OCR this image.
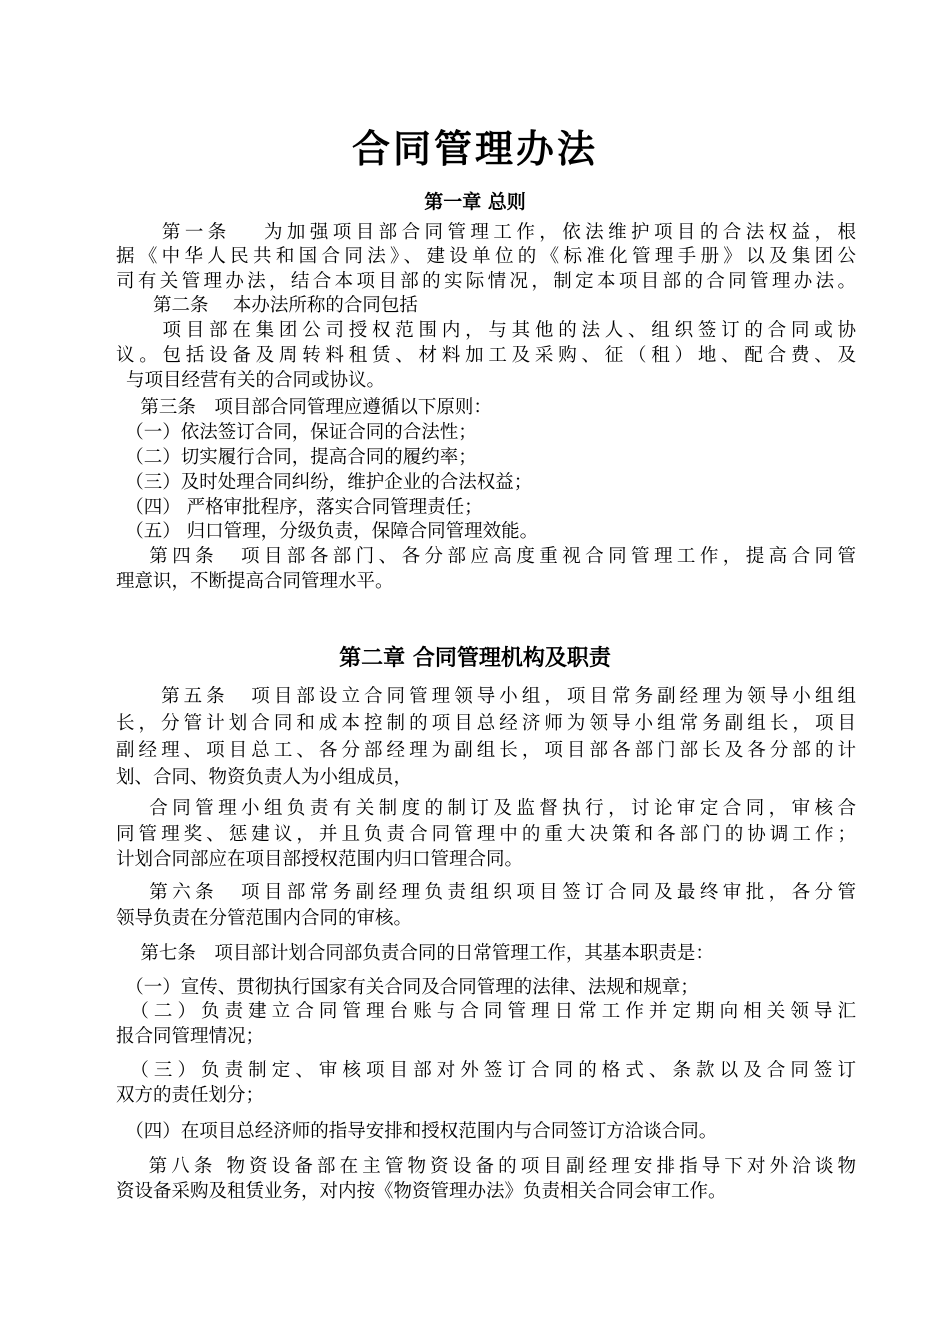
合同管理办法
第一章 总则
第二章 合同管理机构及职责
　　第一条　 为加强项目部合同管理工作，依法维护项目的合法权益，根
据《中华人民共和国合同法》、建设单位的《标准化管理手册》以及集团公
司有关管理办法，结合本项目部的实际情况，制定本项目部的合同管理办法。
　　第二条　 本办法所称的合同包括
　　项目部在集团公司授权范围内，与其他的法人、组织签订的合同或协
议。包括设备及周转料租赁、材料加工及采购、征（租）地、配合费、及
与项目经营有关的合同或协议。
　 第三条　项目部合同管理应遵循以下原则：
　（一）依法签订合同，保证合同的合法性；
　（二）切实履行合同，提高合同的履约率；
　（三）及时处理合同纠纷，维护企业的合法权益；
　（四） 严格审批程序，落实合同管理责任；
　（五） 归口管理，分级负责，保障合同管理效能。
　 第四条　项目部各部门、各分部应高度重视合同管理工作，提高合同管
理意识，不断提高合同管理水平。
　　第五条　项目部设立合同管理领导小组，项目常务副经理为领导小组组
长，分管计划合同和成本控制的项目总经济师为领导小组常务副组长，项目
副经理、项目总工、各分部经理为副组长，项目部各部门部长及各分部的计
划、合同、物资负责人为小组成员，
　 合同管理小组负责有关制度的制订及监督执行，讨论审定合同，审核合
同管理奖、惩建议，并且负责合同管理中的重大决策和各部门的协调工作；
计划合同部应在项目部授权范围内归口管理合同。
　 第六条　项目部常务副经理负责组织项目签订合同及最终审批，各分管
领导负责在分管范围内合同的审核。
　 第七条　项目部计划合同部负责合同的日常管理工作，其基本职责是：
　（一）宣传、贯彻执行国家有关合同及合同管理的法律、法规和规章；
　（二）负责建立合同管理台账与合同管理日常工作并定期向相关领导汇
报合同管理情况；
　（三）负责制定、审核项目部对外签订合同的格式、条款以及合同签订
双方的责任划分；
　（四）在项目总经济师的指导安排和授权范围内与合同签订方洽谈合同。
　 第八条 物资设备部在主管物资设备的项目副经理安排指导下对外洽谈物
资设备采购及租赁业务，对内按《物资管理办法》负责相关合同会审工作。
